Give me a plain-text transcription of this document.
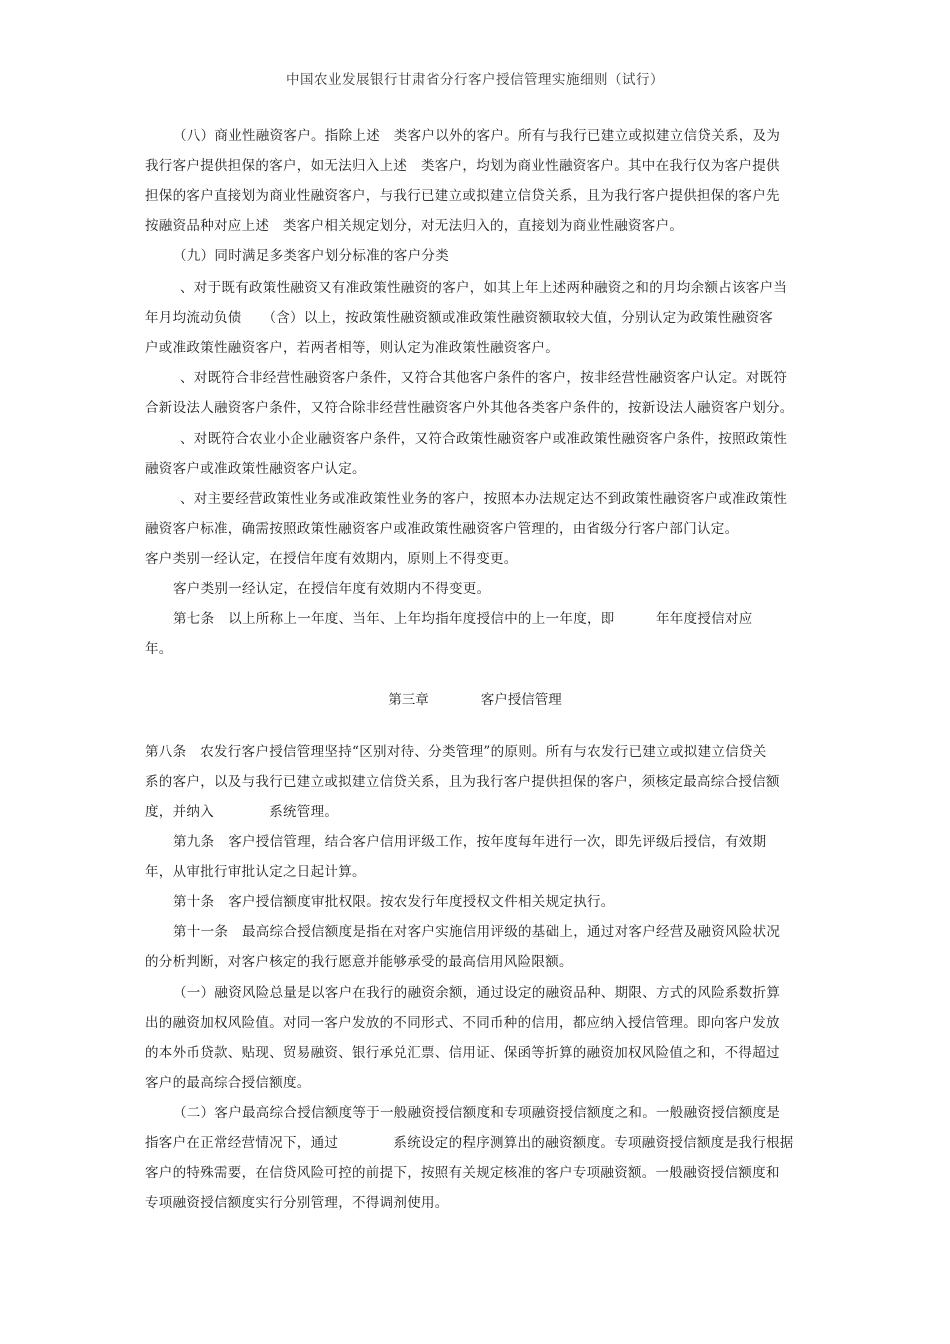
中国农业发展银行甘肃省分行客户授信管理实施细则（试行）
（八）商业性融资客户。指除上述　类客户以外的客户。所有与我行已建立或拟建立信贷关系，及为
我行客户提供担保的客户，如无法归入上述　类客户，均划为商业性融资客户。其中在我行仅为客户提供
担保的客户直接划为商业性融资客户，与我行已建立或拟建立信贷关系，且为我行客户提供担保的客户先
按融资品种对应上述　类客户相关规定划分，对无法归入的，直接划为商业性融资客户。
（九）同时满足多类客户划分标准的客户分类
、对于既有政策性融资又有准政策性融资的客户，如其上年上述两种融资之和的月均余额占该客户当
年月均流动负债　　（含）以上，按政策性融资额或准政策性融资额取较大值，分别认定为政策性融资客
户或准政策性融资客户，若两者相等，则认定为准政策性融资客户。
、对既符合非经营性融资客户条件，又符合其他客户条件的客户，按非经营性融资客户认定。对既符
合新设法人融资客户条件，又符合除非经营性融资客户外其他各类客户条件的，按新设法人融资客户划分。
、对既符合农业小企业融资客户条件，又符合政策性融资客户或准政策性融资客户条件，按照政策性
融资客户或准政策性融资客户认定。
、对主要经营政策性业务或准政策性业务的客户，按照本办法规定达不到政策性融资客户或准政策性
融资客户标准，确需按照政策性融资客户或准政策性融资客户管理的，由省级分行客户部门认定。
客户类别一经认定，在授信年度有效期内，原则上不得变更。
客户类别一经认定，在授信年度有效期内不得变更。
第七条　以上所称上一年度、当年、上年均指年度授信中的上一年度，即　　　年年度授信对应
年。
第三章	客户授信管理
第八条　农发行客户授信管理坚持“区别对待、分类管理”的原则。所有与农发行已建立或拟建立信贷关
系的客户，以及与我行已建立或拟建立信贷关系，且为我行客户提供担保的客户，须核定最高综合授信额
度，并纳入　　　　系统管理。
第九条　客户授信管理，结合客户信用评级工作，按年度每年进行一次，即先评级后授信，有效期
年，从审批行审批认定之日起计算。
第十条　客户授信额度审批权限。按农发行年度授权文件相关规定执行。
第十一条　最高综合授信额度是指在对客户实施信用评级的基础上，通过对客户经营及融资风险状况
的分析判断，对客户核定的我行愿意并能够承受的最高信用风险限额。
（一）融资风险总量是以客户在我行的融资余额，通过设定的融资品种、期限、方式的风险系数折算
出的融资加权风险值。对同一客户发放的不同形式、不同币种的信用，都应纳入授信管理。即向客户发放
的本外币贷款、贴现、贸易融资、银行承兑汇票、信用证、保函等折算的融资加权风险值之和，不得超过
客户的最高综合授信额度。
（二）客户最高综合授信额度等于一般融资授信额度和专项融资授信额度之和。一般融资授信额度是
指客户在正常经营情况下，通过　　　　系统设定的程序测算出的融资额度。专项融资授信额度是我行根据
客户的特殊需要，在信贷风险可控的前提下，按照有关规定核准的客户专项融资额。一般融资授信额度和
专项融资授信额度实行分别管理，不得调剂使用。
